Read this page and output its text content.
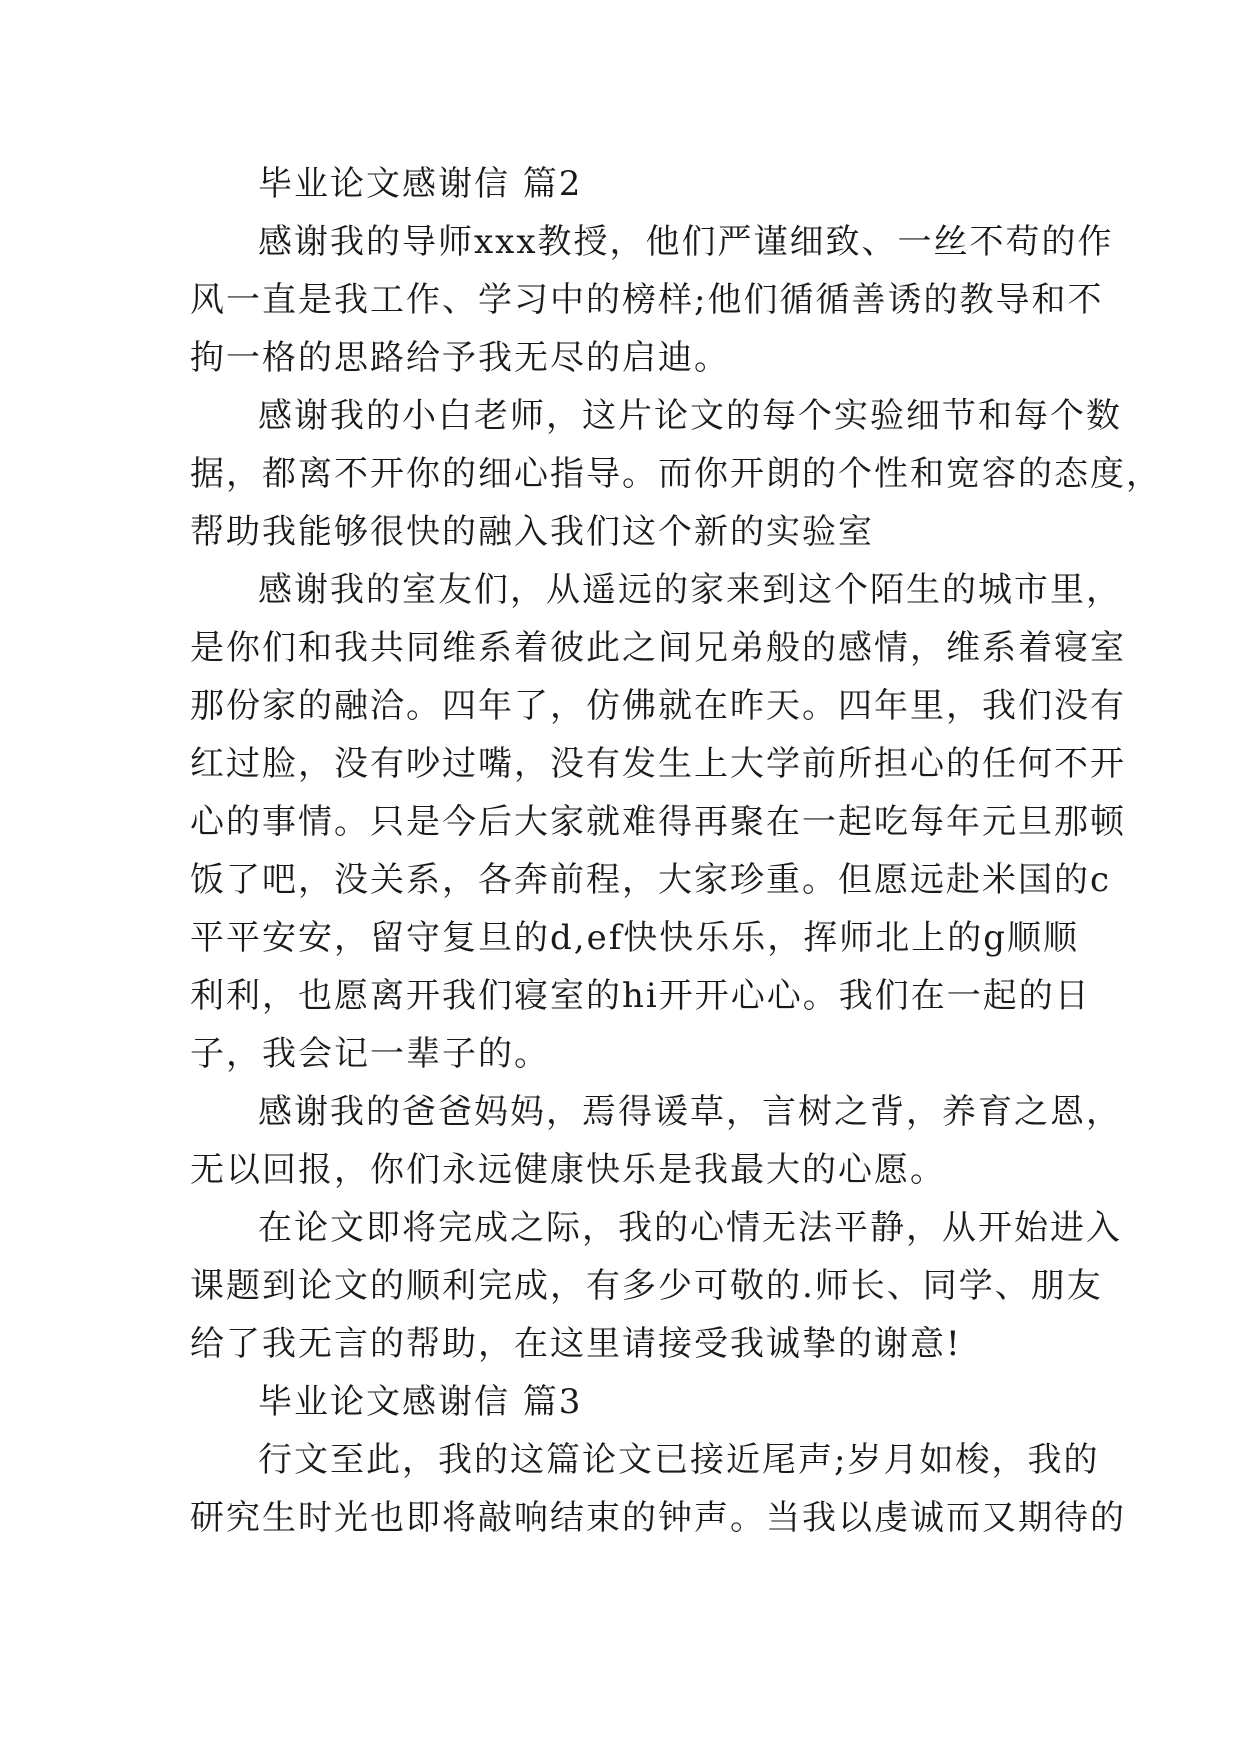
毕业论文感谢信 篇2
感谢我的导师xxx教授，他们严谨细致、一丝不苟的作
风一直是我工作、学习中的榜样;他们循循善诱的教导和不
拘一格的思路给予我无尽的启迪。
感谢我的小白老师，这片论文的每个实验细节和每个数
据，都离不开你的细心指导。而你开朗的个性和宽容的态度，
帮助我能够很快的融入我们这个新的实验室
感谢我的室友们，从遥远的家来到这个陌生的城市里，
是你们和我共同维系着彼此之间兄弟般的感情，维系着寝室
那份家的融洽。四年了，仿佛就在昨天。四年里，我们没有
红过脸，没有吵过嘴，没有发生上大学前所担心的任何不开
心的事情。只是今后大家就难得再聚在一起吃每年元旦那顿
饭了吧，没关系，各奔前程，大家珍重。但愿远赴米国的c
平平安安，留守复旦的d,ef快快乐乐，挥师北上的g顺顺
利利，也愿离开我们寝室的hi开开心心。我们在一起的日
子，我会记一辈子的。
感谢我的爸爸妈妈，焉得谖草，言树之背，养育之恩，
无以回报，你们永远健康快乐是我最大的心愿。
在论文即将完成之际，我的心情无法平静，从开始进入
课题到论文的顺利完成，有多少可敬的.师长、同学、朋友
给了我无言的帮助，在这里请接受我诚挚的谢意!
毕业论文感谢信 篇3
行文至此，我的这篇论文已接近尾声;岁月如梭，我的
研究生时光也即将敲响结束的钟声。当我以虔诚而又期待的
